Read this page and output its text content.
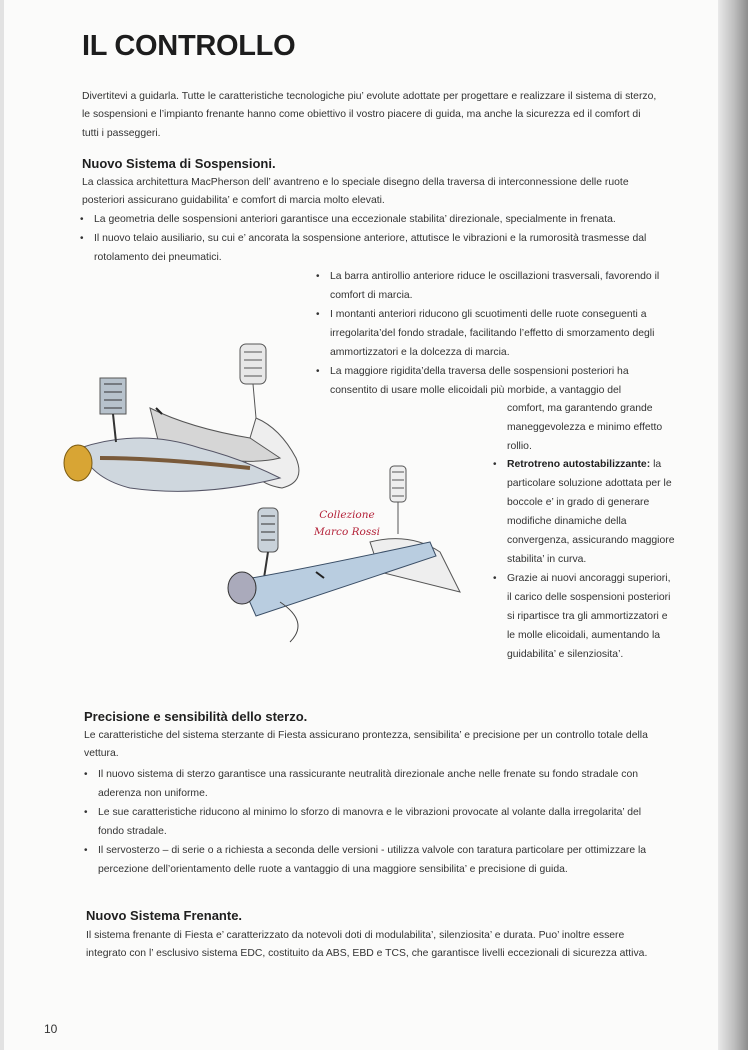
IL CONTROLLO

Divertitevi a guidarla. Tutte le caratteristiche tecnologiche piu’ evolute adottate per progettare e realizzare il sistema di sterzo, le sospensioni e l’impianto frenante hanno come obiettivo il vostro piacere di guida, ma anche la sicurezza ed il comfort di tutti i passeggeri.

Nuovo Sistema di Sospensioni.

La classica architettura MacPherson dell’ avantreno e lo speciale disegno della traversa di interconnessione delle ruote posteriori assicurano guidabilita’ e comfort di marcia molto elevati.

• La geometria delle sospensioni anteriori garantisce una eccezionale stabilita’ direzionale, specialmente in frenata.
• Il nuovo telaio ausiliario, su cui e’ ancorata la sospensione anteriore, attutisce le vibrazioni e la rumorosità trasmesse dal rotolamento dei pneumatici.
• La barra antirollio anteriore riduce le oscillazioni trasversali, favorendo il comfort di marcia.
• I montanti anteriori riducono gli scuotimenti delle ruote conseguenti a irregolarita’del fondo stradale, facilitando l’effetto di smorzamento degli ammortizzatori e la dolcezza di marcia.
• La maggiore rigidita’della traversa delle sospensioni posteriori ha consentito di usare molle elicoidali più morbide, a vantaggio del
comfort, ma garantendo grande maneggevolezza e minimo effetto rollio.
• Retrotreno autostabilizzante: la particolare soluzione adottata per le boccole e’ in grado di generare modifiche dinamiche della convergenza, assicurando maggiore stabilita’ in curva.
• Grazie ai nuovi ancoraggi superiori, il carico delle sospensioni posteriori si ripartisce tra gli ammortizzatori e le molle elicoidali, aumentando la guidabilita’ e silenziosita’.
Collezione
Marco Rossi
Precisione e sensibilità dello sterzo.

Le caratteristiche del sistema sterzante di Fiesta assicurano prontezza, sensibilita’ e precisione per un controllo totale della vettura.

• Il nuovo sistema di sterzo garantisce una rassicurante neutralità direzionale anche nelle frenate su fondo stradale con aderenza non uniforme.
• Le sue caratteristiche riducono al minimo lo sforzo di manovra e le vibrazioni provocate al volante dalla irregolarita’ del fondo stradale.
• Il servosterzo – di serie o a richiesta a seconda delle versioni - utilizza valvole con taratura particolare per ottimizzare la percezione dell’orientamento delle ruote a vantaggio di una maggiore sensibilita’ e precisione di guida.
Nuovo Sistema Frenante.

Il sistema frenante di Fiesta e’ caratterizzato da notevoli doti di modulabilita’, silenziosita’ e durata. Puo’ inoltre essere integrato con l’ esclusivo sistema EDC, costituito da ABS, EBD e TCS, che garantisce livelli eccezionali di sicurezza attiva.

10
